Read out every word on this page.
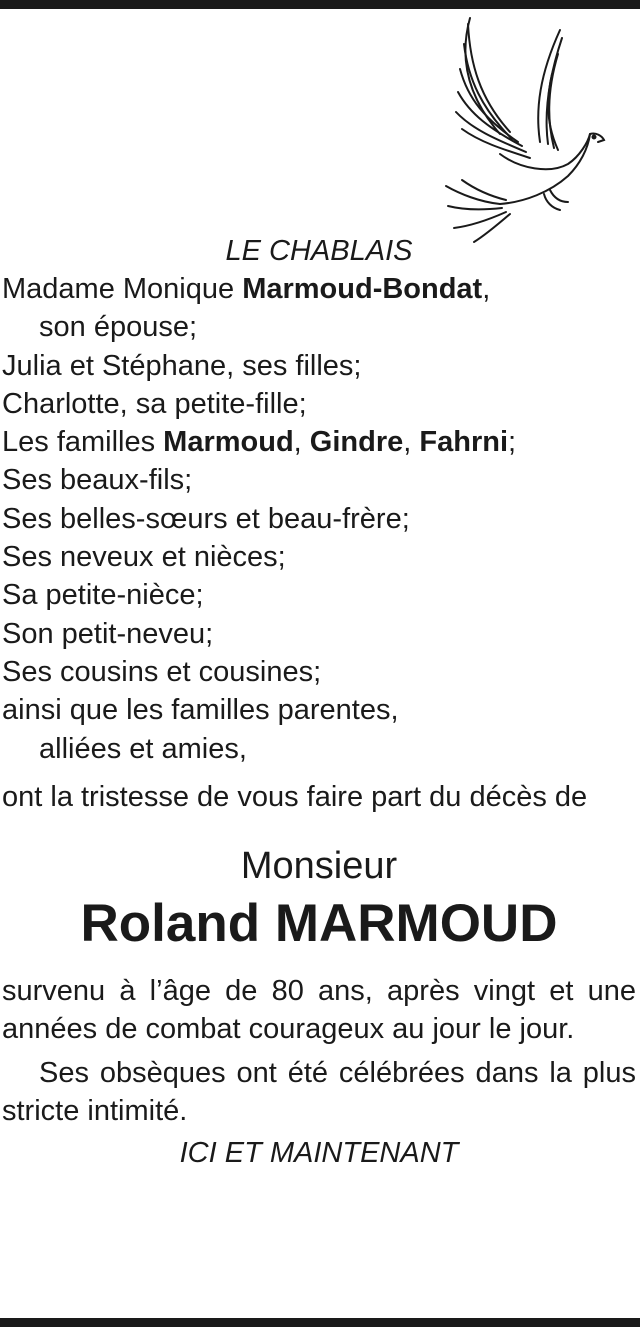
LE CHABLAIS

Madame Monique Marmoud-Bondat,

son épouse;

Julia et Stéphane, ses filles;

Charlotte, sa petite-fille;

Les familles Marmoud, Gindre, Fahrni;

Ses beaux-fils;

Ses belles-sœurs et beau-frère;

Ses neveux et nièces;

Sa petite-nièce;

Son petit-neveu;

Ses cousins et cousines;

ainsi que les familles parentes,

alliées et amies,

ont la tristesse de vous faire part du décès de

Monsieur

Roland MARMOUD

survenu à l’âge de 80 ans, après vingt et une années de combat courageux au jour le jour.

Ses obsèques ont été célébrées dans la plus stricte intimité.

ICI ET MAINTENANT
